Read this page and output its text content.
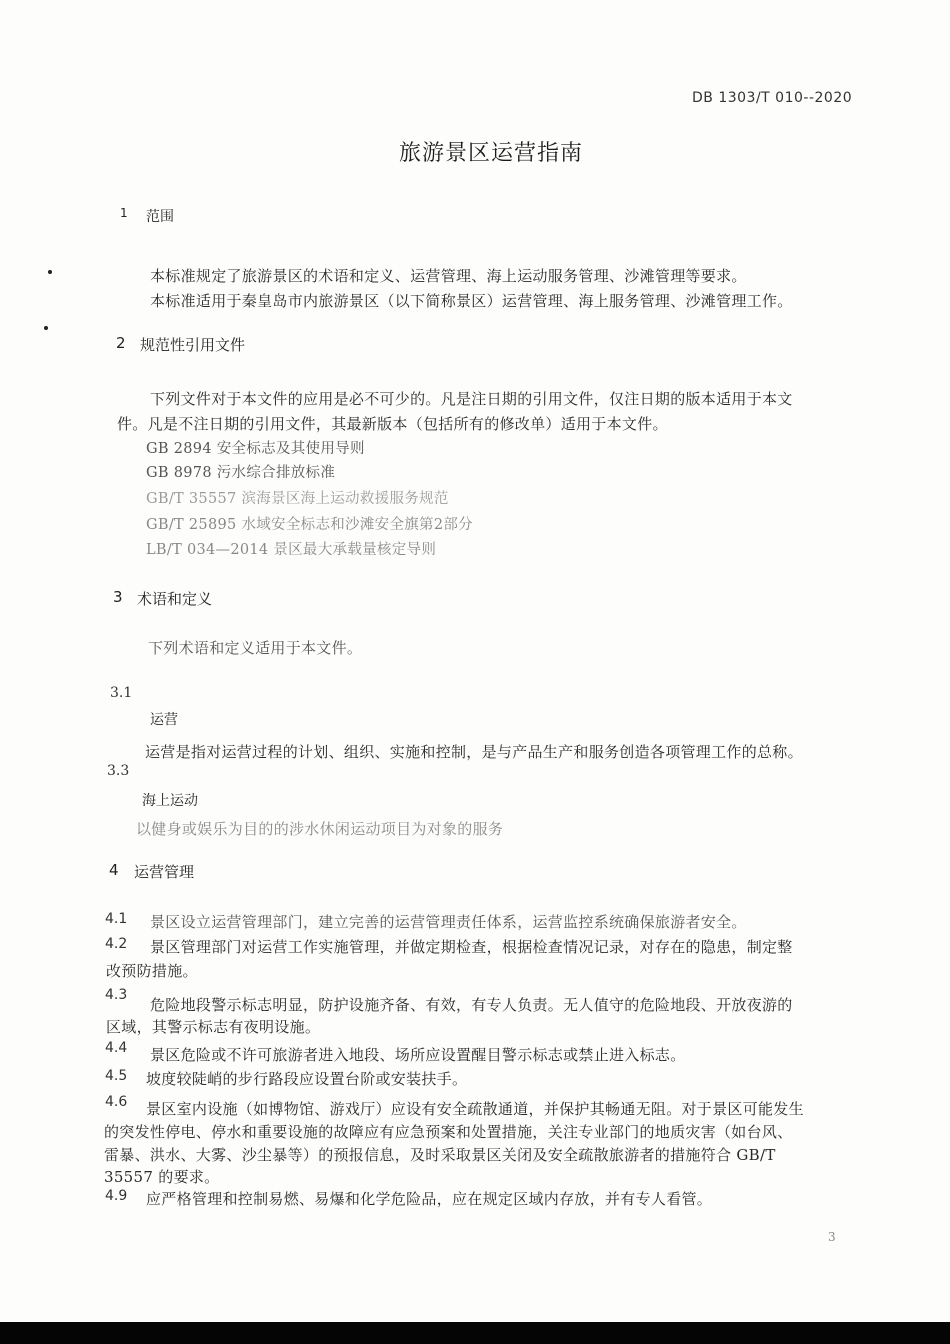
DB 1303/T 010--2020
旅游景区运营指南
1 范围
本标准规定了旅游景区的术语和定义、运营管理、海上运动服务管理、沙滩管理等要求。
本标准适用于秦皇岛市内旅游景区（以下简称景区）运营管理、海上服务管理、沙滩管理工作。
2 规范性引用文件
下列文件对于本文件的应用是必不可少的。凡是注日期的引用文件，仅注日期的版本适用于本文
件。凡是不注日期的引用文件，其最新版本（包括所有的修改单）适用于本文件。
GB 2894 安全标志及其使用导则
GB 8978 污水综合排放标准
GB/T 35557 滨海景区海上运动救援服务规范
GB/T 25895 水域安全标志和沙滩安全旗第2部分
LB/T 034—2014 景区最大承载量核定导则
3 术语和定义
下列术语和定义适用于本文件。
3.1
运营
运营是指对运营过程的计划、组织、实施和控制，是与产品生产和服务创造各项管理工作的总称。
3.3
海上运动
以健身或娱乐为目的的涉水休闲运动项目为对象的服务
4 运营管理
4.1 景区设立运营管理部门，建立完善的运营管理责任体系，运营监控系统确保旅游者安全。
4.2 景区管理部门对运营工作实施管理，并做定期检查，根据检查情况记录，对存在的隐患，制定整
改预防措施。
4.3
危险地段警示标志明显，防护设施齐备、有效，有专人负责。无人值守的危险地段、开放夜游的
区域，其警示标志有夜明设施。
4.4 景区危险或不许可旅游者进入地段、场所应设置醒目警示标志或禁止进入标志。
4.5 坡度较陡峭的步行路段应设置台阶或安装扶手。
4.6 景区室内设施（如博物馆、游戏厅）应设有安全疏散通道，并保护其畅通无阻。对于景区可能发生
的突发性停电、停水和重要设施的故障应有应急预案和处置措施，关注专业部门的地质灾害（如台风、
雷暴、洪水、大雾、沙尘暴等）的预报信息，及时采取景区关闭及安全疏散旅游者的措施符合 GB/T
35557 的要求。
4.9 应严格管理和控制易燃、易爆和化学危险品，应在规定区域内存放，并有专人看管。
3
